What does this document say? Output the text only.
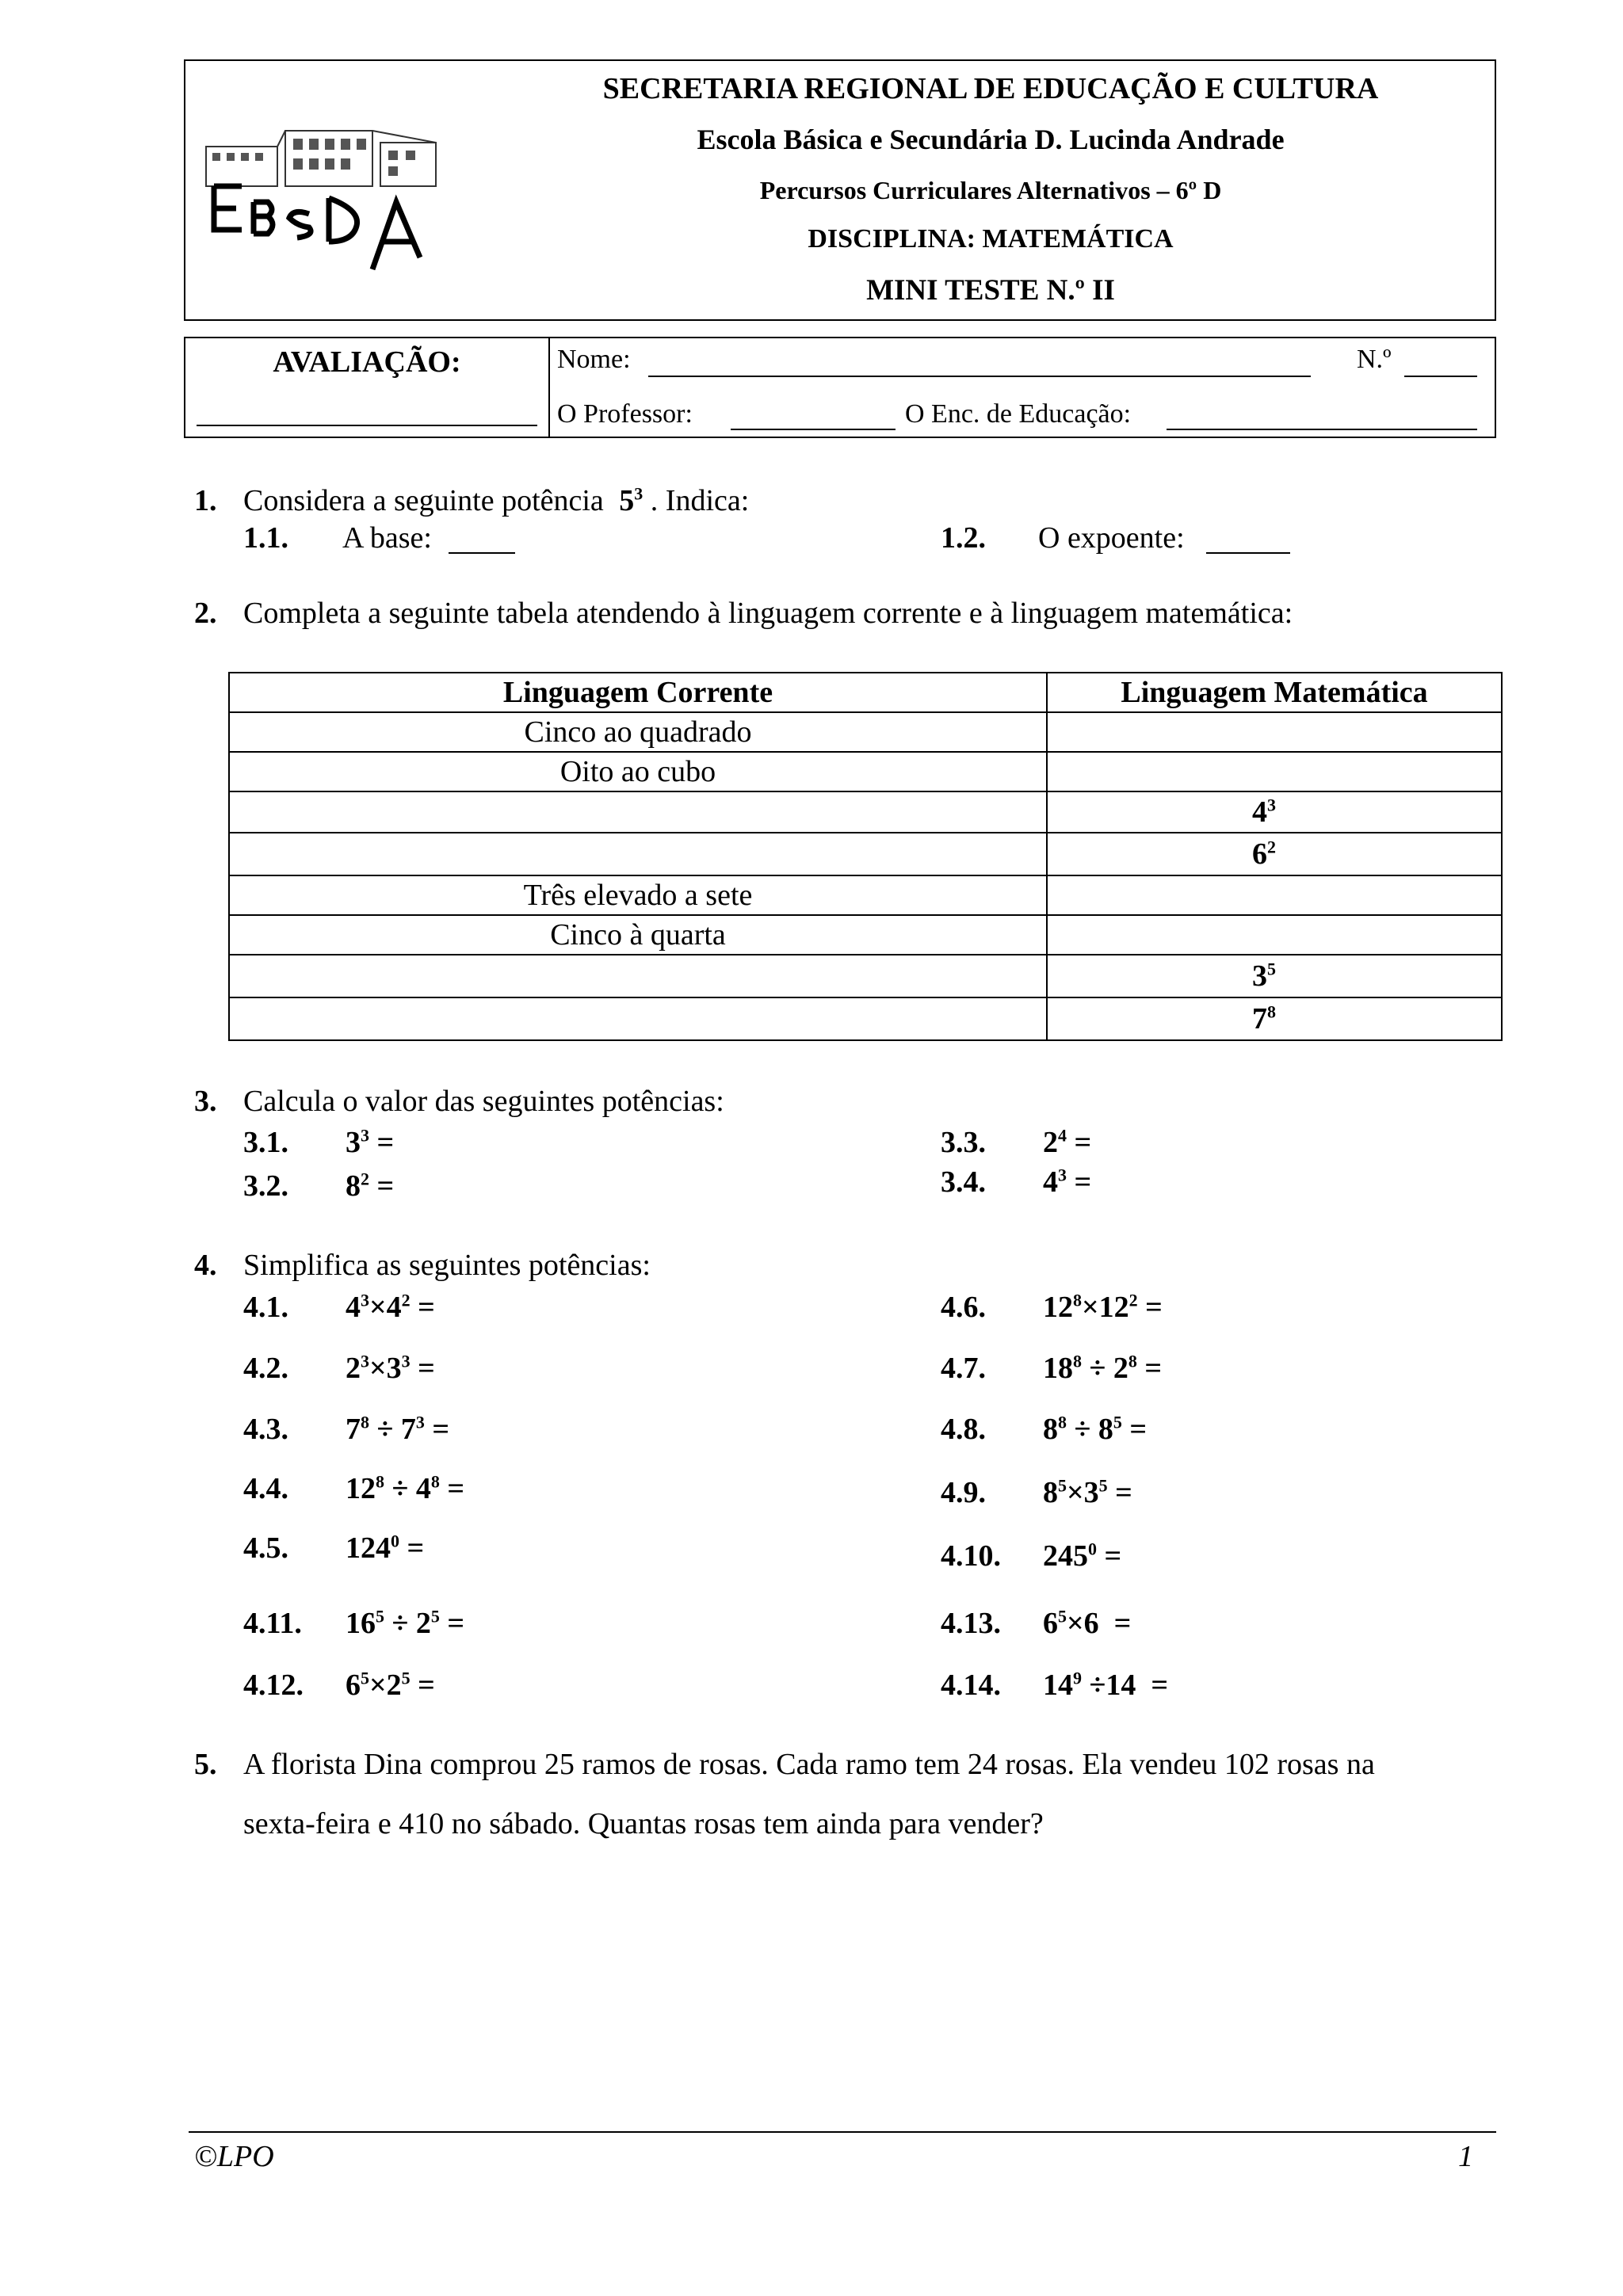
SECRETARIA REGIONAL DE EDUCAÇÃO E CULTURA
Escola Básica e Secundária D. Lucinda Andrade
Percursos Curriculares Alternativos – 6º D
DISCIPLINA: MATEMÁTICA
MINI TESTE N.º II
AVALIAÇÃO:	Nome:	N.º
O Professor:	O Enc. de Educação:
1. Considera a seguinte potência $5^3$ . Indica:
1.1. A base:	1.2. O expoente:
2. Completa a seguinte tabela atendendo à linguagem corrente e à linguagem matemática:
Linguagem Corrente	Linguagem Matemática
Cinco ao quadrado	
Oito ao cubo	
	$4^3$
	$6^2$
Três elevado a sete	
Cinco à quarta	
	$3^5$
	$7^8$
3. Calcula o valor das seguintes potências:
3.1. $3^3$ =
3.2. $8^2$ =
3.3. $2^4$ =
3.4. $4^3$ =
4. Simplifica as seguintes potências:
4.1. $4^3\times 4^2$ =
4.2. $2^3\times 3^3$ =
4.3. $7^8 \div 7^3$ =
4.4. $12^8 \div 4^8$ =
4.5. $124^0$ =
4.11. $16^5 \div 2^5$ =
4.12. $6^5\times 2^5$ =
4.6. $12^8\times 12^2$ =
4.7. $18^8 \div 2^8$ =
4.8. $8^8 \div 8^5$ =
4.9. $8^5\times 3^5$ =
4.10. $245^0$ =
4.13. $6^5\times 6$ =
4.14. $14^9 \div 14$ =
5. A florista Dina comprou 25 ramos de rosas. Cada ramo tem 24 rosas. Ela vendeu 102 rosas na
sexta-feira e 410 no sábado. Quantas rosas tem ainda para vender?
©LPO	1
